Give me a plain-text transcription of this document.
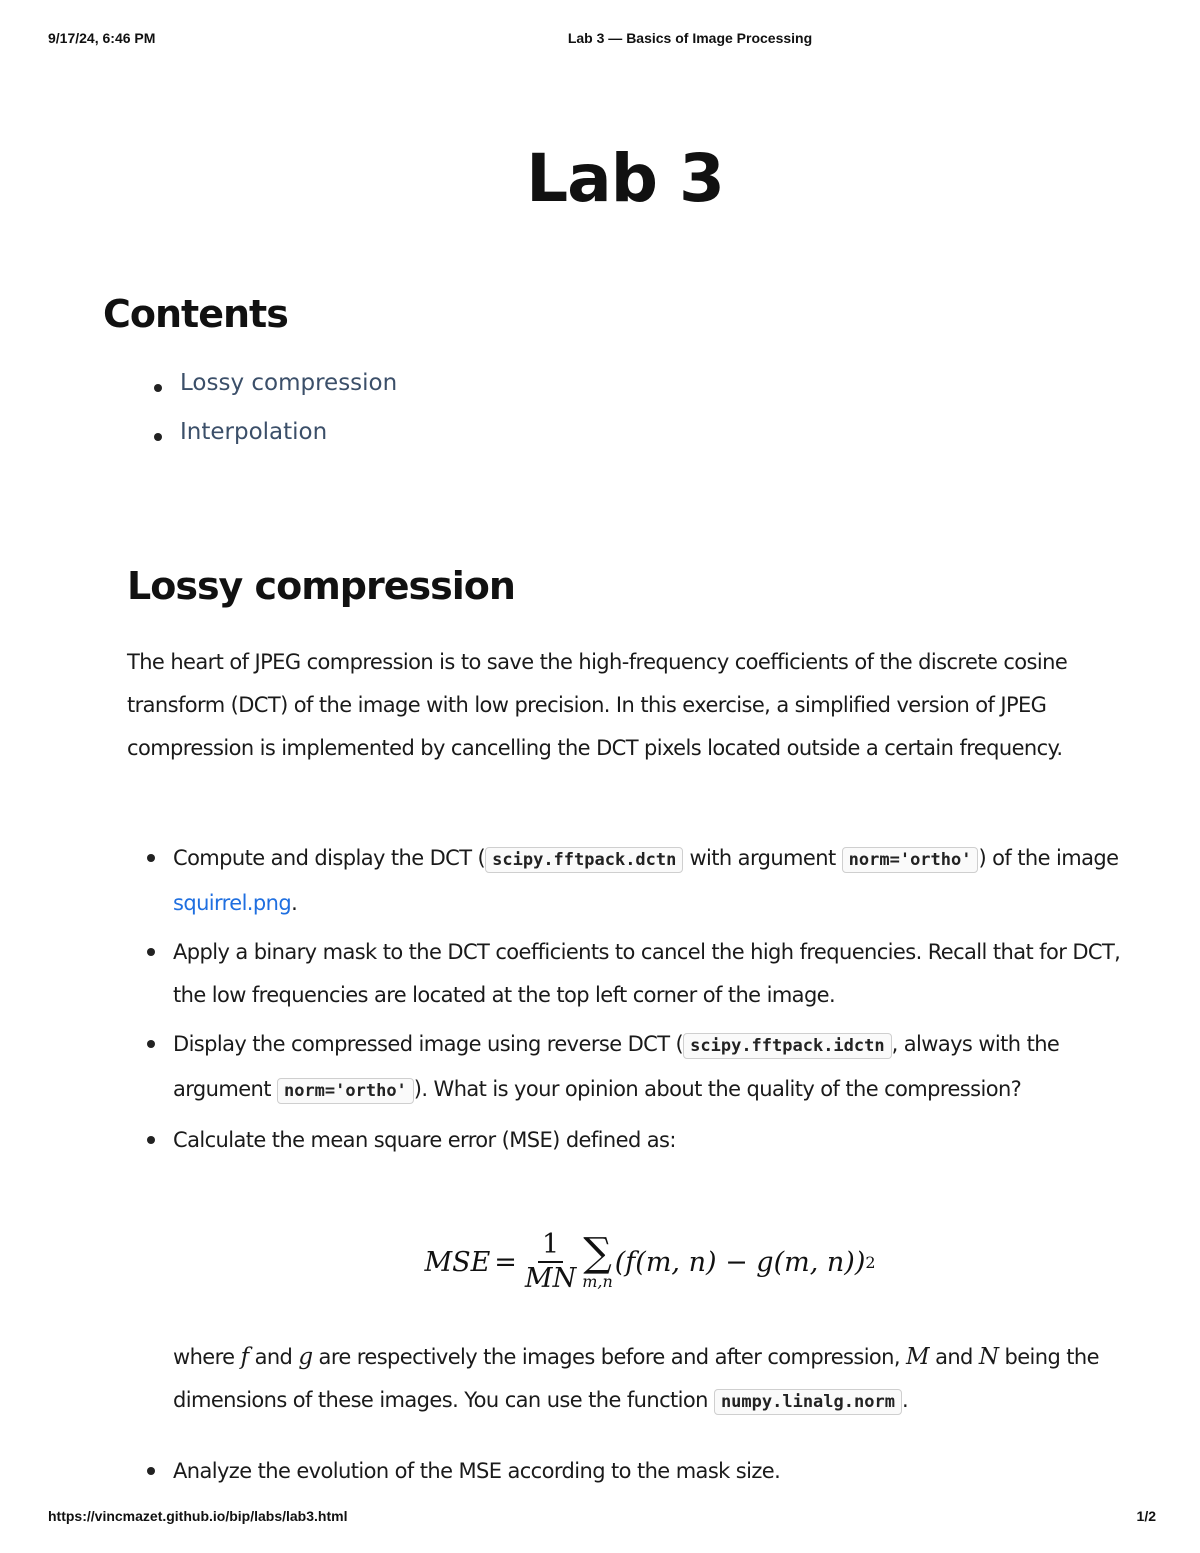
9/17/24, 6:46 PM	Lab 3 — Basics of Image Processing
Lab 3
Contents
Lossy compression
Interpolation
Lossy compression

The heart of JPEG compression is to save the high-frequency coefficients of the discrete cosine transform (DCT) of the image with low precision. In this exercise, a simplified version of JPEG compression is implemented by cancelling the DCT pixels located outside a certain frequency.

Compute and display the DCT ( scipy.fftpack.dctn with argument norm='ortho' ) of the image squirrel.png.
Apply a binary mask to the DCT coefficients to cancel the high frequencies. Recall that for DCT, the low frequencies are located at the top left corner of the image.
Display the compressed image using reverse DCT ( scipy.fftpack.idctn , always with the argument norm='ortho' ). What is your opinion about the quality of the compression?
Calculate the mean square error (MSE) defined as:
MSE = $\frac{1}{MN}$ ∑
m,n
(f(m, n) − g(m, n)) 2

where f and g are respectively the images before and after compression, M and N being the dimensions of these images. You can use the function numpy.linalg.norm .

Analyze the evolution of the MSE according to the mask size.
https://vincmazet.github.io/bip/labs/lab3.html	1/2
